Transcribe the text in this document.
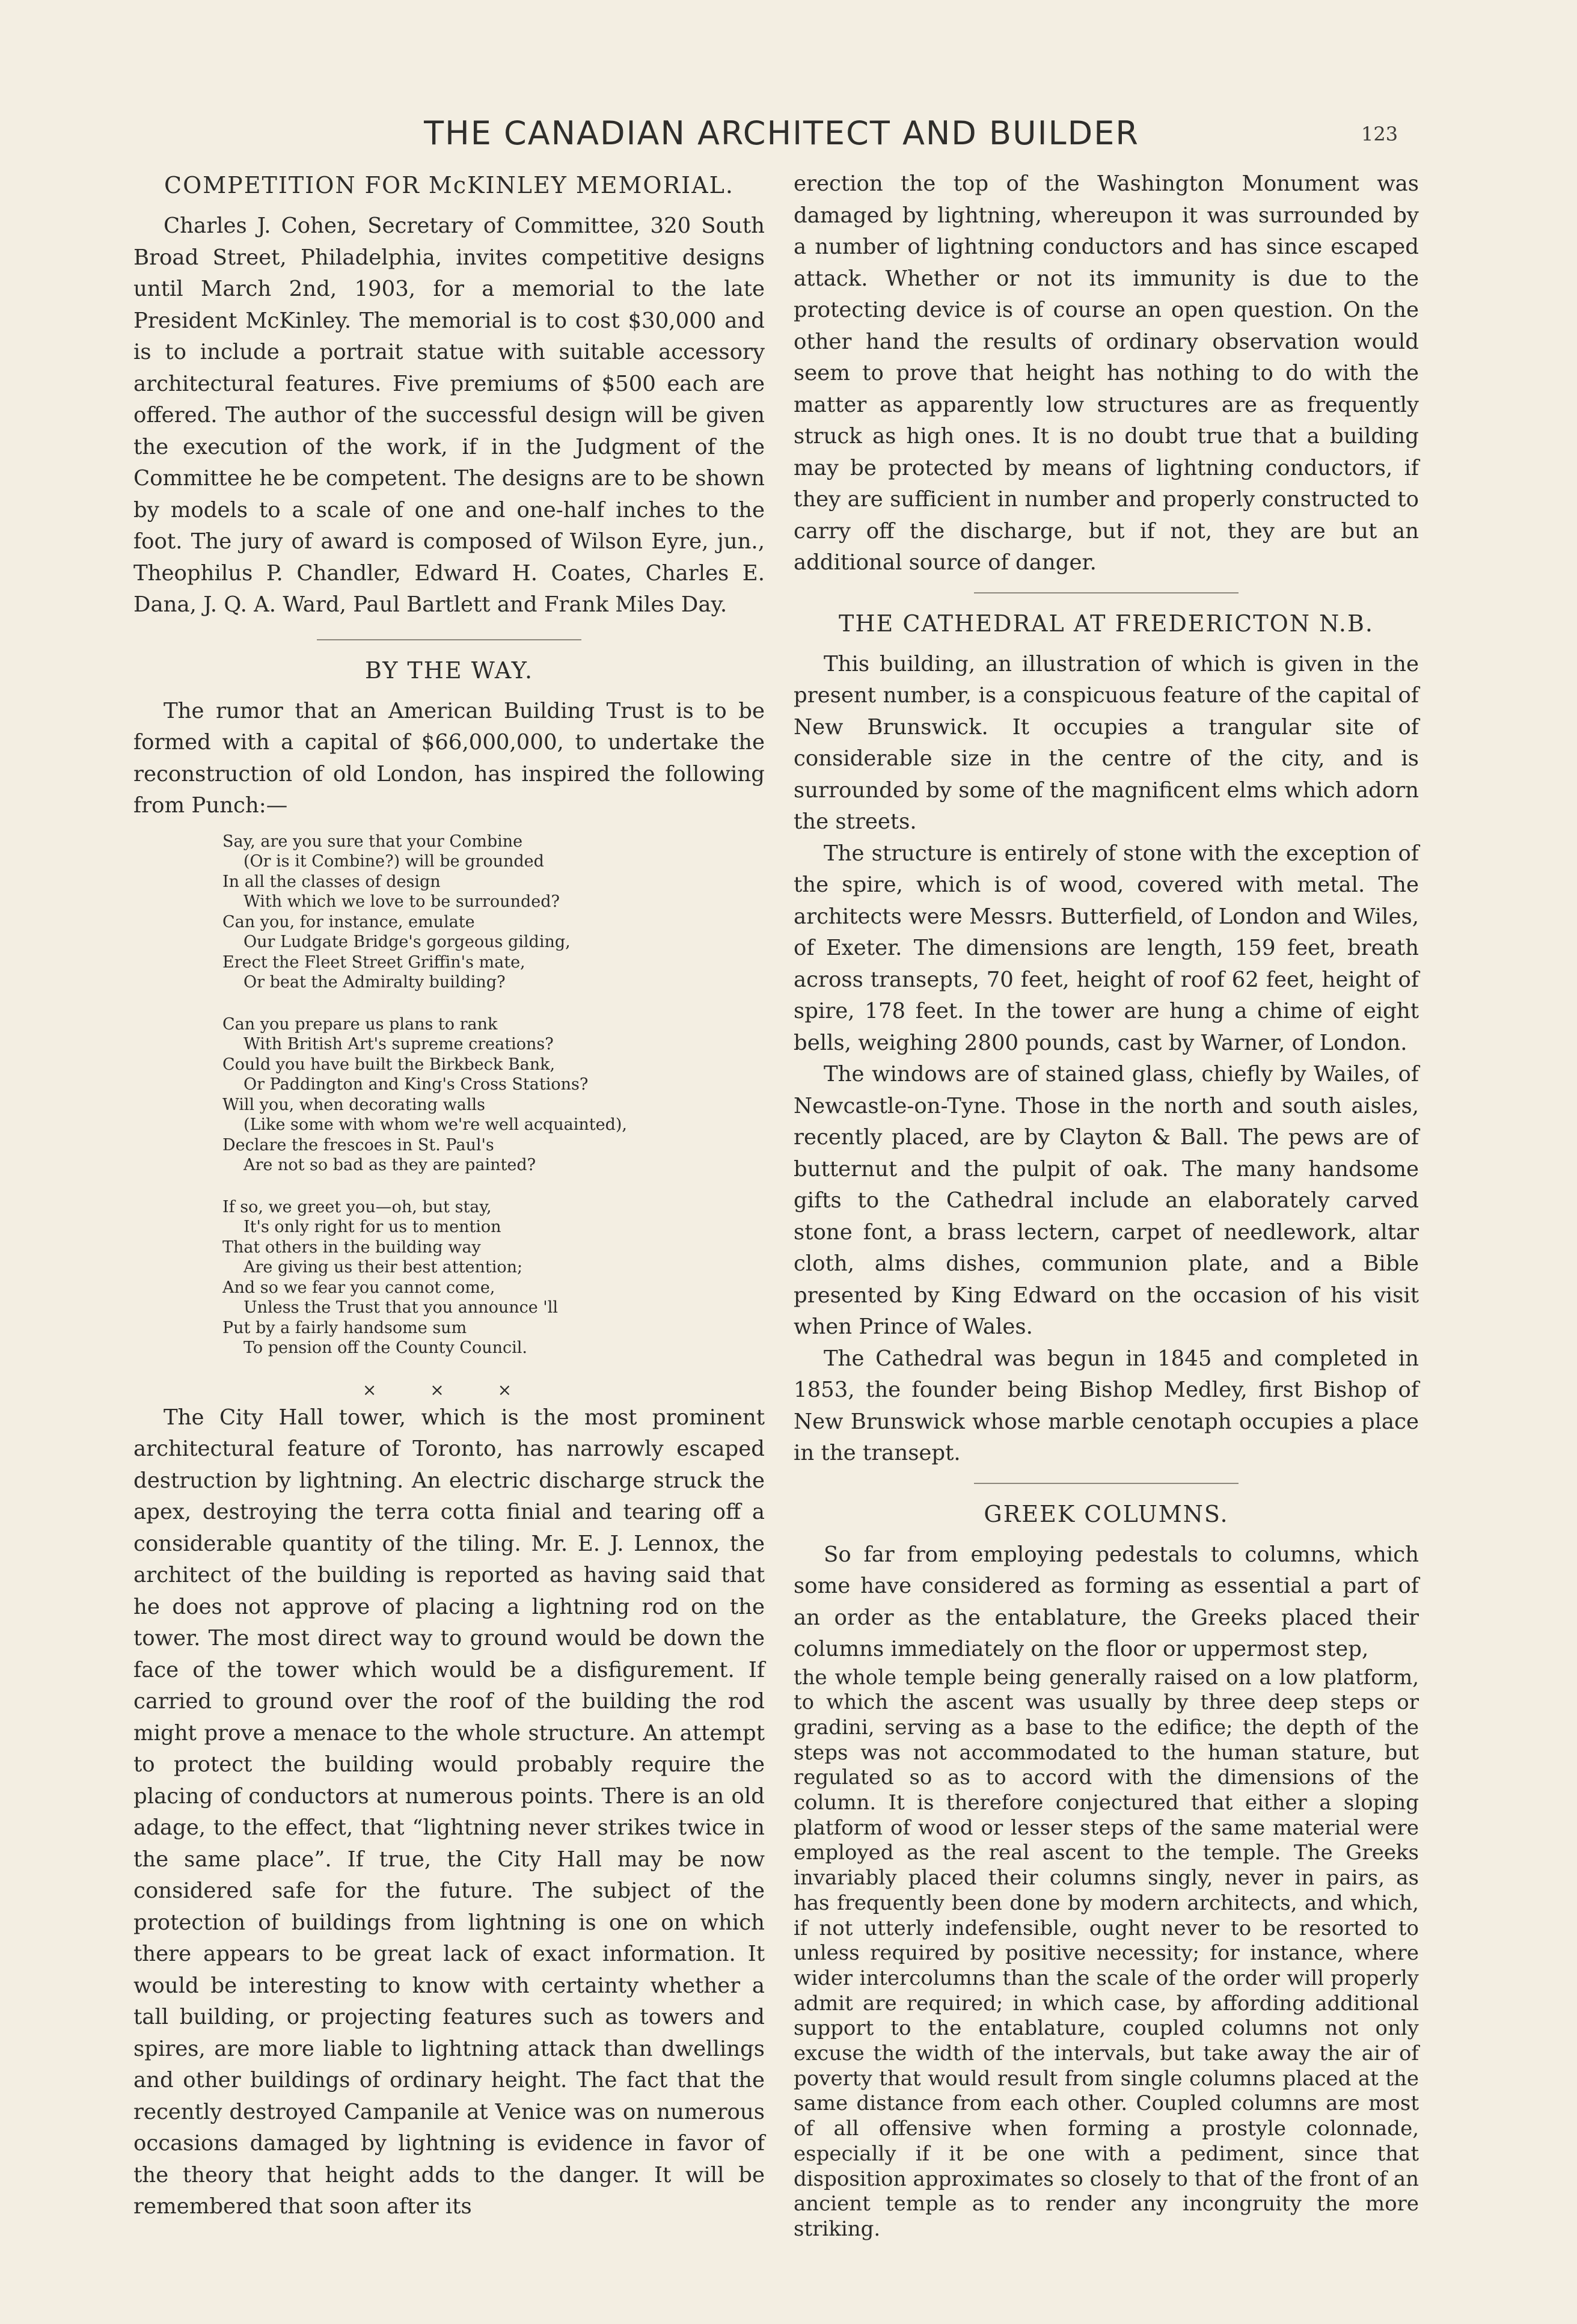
THE CANADIAN ARCHITECT AND BUILDER	123
COMPETITION FOR McKINLEY MEMORIAL.

Charles J. Cohen, Secretary of Committee, 320 South Broad Street, Philadelphia, invites competitive designs until March 2nd, 1903, for a memorial to the late President McKinley. The memorial is to cost $30,000 and is to include a portrait statue with suitable accessory architectural features. Five premiums of $500 each are offered. The author of the successful design will be given the execution of the work, if in the Judgment of the Committee he be competent. The designs are to be shown by models to a scale of one and one-half inches to the foot. The jury of award is composed of Wilson Eyre, jun., Theophilus P. Chandler, Edward H. Coates, Charles E. Dana, J. Q. A. Ward, Paul Bartlett and Frank Miles Day.

BY THE WAY.

The rumor that an American Building Trust is to be formed with a capital of $66,000,000, to undertake the reconstruction of old London, has inspired the following from Punch:—

Say, are you sure that your Combine
(Or is it Combine?) will be grounded
In all the classes of design
With which we love to be surrounded?
Can you, for instance, emulate
Our Ludgate Bridge's gorgeous gilding,
Erect the Fleet Street Griffin's mate,
Or beat the Admiralty building?
Can you prepare us plans to rank
With British Art's supreme creations?
Could you have built the Birkbeck Bank,
Or Paddington and King's Cross Stations?
Will you, when decorating walls
(Like some with whom we're well acquainted),
Declare the frescoes in St. Paul's
Are not so bad as they are painted?
If so, we greet you—oh, but stay,
It's only right for us to mention
That others in the building way
Are giving us their best attention;
And so we fear you cannot come,
Unless the Trust that you announce 'll
Put by a fairly handsome sum
To pension off the County Council.
× × ×

The City Hall tower, which is the most prominent architectural feature of Toronto, has narrowly escaped destruction by lightning. An electric discharge struck the apex, destroying the terra cotta finial and tearing off a considerable quantity of the tiling. Mr. E. J. Lennox, the architect of the building is reported as having said that he does not approve of placing a lightning rod on the tower. The most direct way to ground would be down the face of the tower which would be a disfigurement. If carried to ground over the roof of the building the rod might prove a menace to the whole structure. An attempt to protect the building would probably require the placing of conductors at numerous points. There is an old adage, to the effect, that “lightning never strikes twice in the same place”. If true, the City Hall may be now considered safe for the future. The subject of the protection of buildings from lightning is one on which there appears to be great lack of exact information. It would be interesting to know with certainty whether a tall building, or projecting features such as towers and spires, are more liable to lightning attack than dwellings and other buildings of ordinary height. The fact that the recently destroyed Campanile at Venice was on numerous occasions damaged by lightning is evidence in favor of the theory that height adds to the danger. It will be remembered that soon after its

erection the top of the Washington Monument was damaged by lightning, whereupon it was surrounded by a number of lightning conductors and has since escaped attack. Whether or not its immunity is due to the protecting device is of course an open question. On the other hand the results of ordinary observation would seem to prove that height has nothing to do with the matter as apparently low structures are as frequently struck as high ones. It is no doubt true that a building may be protected by means of lightning conductors, if they are sufficient in number and properly constructed to carry off the discharge, but if not, they are but an additional source of danger.

THE CATHEDRAL AT FREDERICTON N.B.

This building, an illustration of which is given in the present number, is a conspicuous feature of the capital of New Brunswick. It occupies a trangular site of considerable size in the centre of the city, and is surrounded by some of the magnificent elms which adorn the streets.

The structure is entirely of stone with the exception of the spire, which is of wood, covered with metal. The architects were Messrs. Butterfield, of London and Wiles, of Exeter. The dimensions are length, 159 feet, breath across transepts, 70 feet, height of roof 62 feet, height of spire, 178 feet. In the tower are hung a chime of eight bells, weighing 2800 pounds, cast by Warner, of London.

The windows are of stained glass, chiefly by Wailes, of Newcastle-on-Tyne. Those in the north and south aisles, recently placed, are by Clayton & Ball. The pews are of butternut and the pulpit of oak. The many handsome gifts to the Cathedral include an elaborately carved stone font, a brass lectern, carpet of needlework, altar cloth, alms dishes, communion plate, and a Bible presented by King Edward on the occasion of his visit when Prince of Wales.

The Cathedral was begun in 1845 and completed in 1853, the founder being Bishop Medley, first Bishop of New Brunswick whose marble cenotaph occupies a place in the transept.

GREEK COLUMNS.

So far from employing pedestals to columns, which some have considered as forming as essential a part of an order as the entablature, the Greeks placed their columns immediately on the floor or uppermost step,

the whole temple being generally raised on a low platform, to which the ascent was usually by three deep steps or gradini, serving as a base to the edifice; the depth of the steps was not accommodated to the human stature, but regulated so as to accord with the dimensions of the column. It is therefore conjectured that either a sloping platform of wood or lesser steps of the same material were employed as the real ascent to the temple. The Greeks invariably placed their columns singly, never in pairs, as has frequently been done by modern architects, and which, if not utterly indefensible, ought never to be resorted to unless required by positive necessity; for instance, where wider intercolumns than the scale of the order will properly admit are required; in which case, by affording additional support to the entablature, coupled columns not only excuse the width of the intervals, but take away the air of poverty that would result from single columns placed at the same distance from each other. Coupled columns are most of all offensive when forming a prostyle colonnade, especially if it be one with a pediment, since that disposition approximates so closely to that of the front of an ancient temple as to render any incongruity the more striking.
